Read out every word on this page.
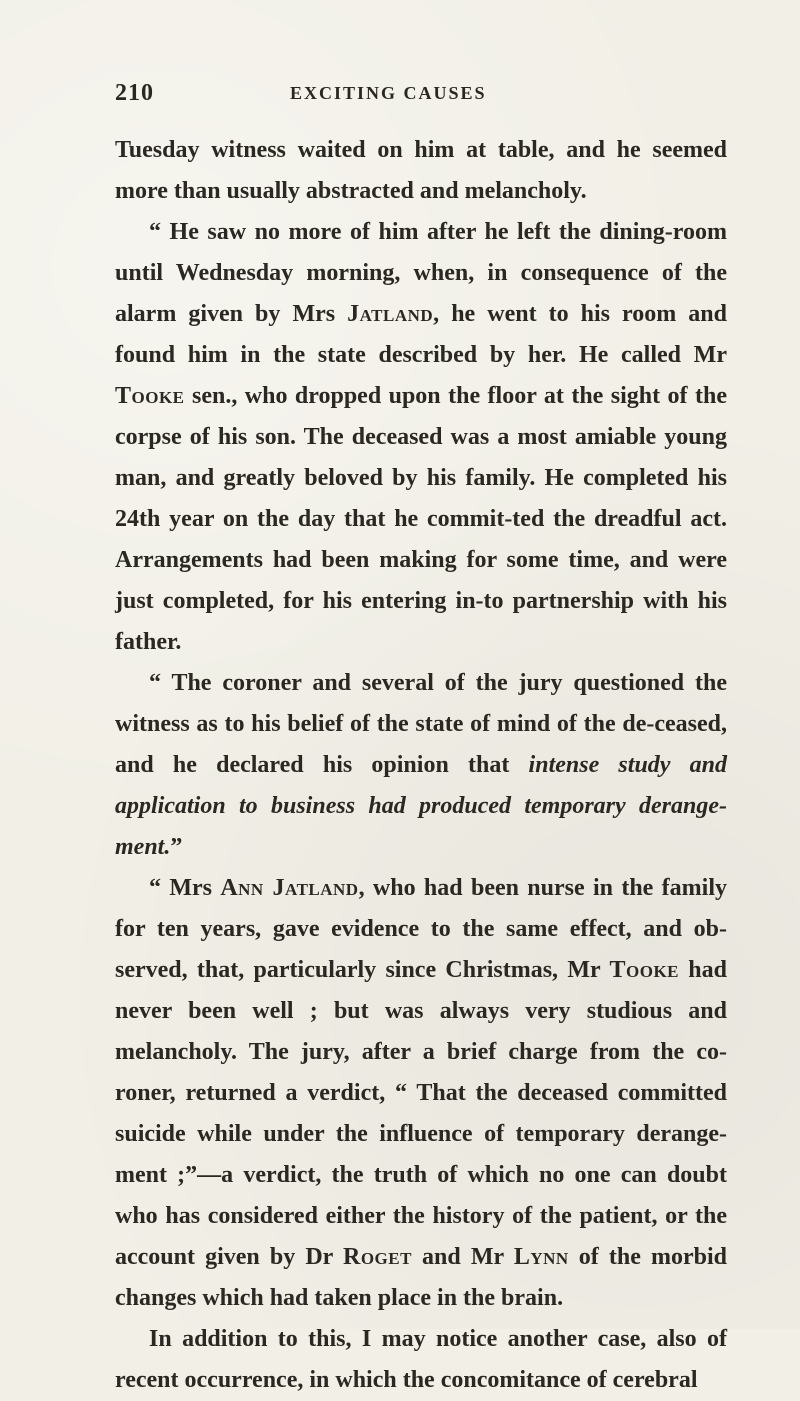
210	EXCITING CAUSES

Tuesday witness waited on him at table, and he seemed more than usually abstracted and melancholy.

“ He saw no more of him after he left the dining-room until Wednesday morning, when, in consequence of the alarm given by Mrs Jatland, he went to his room and found him in the state described by her. He called Mr Tooke sen., who dropped upon the floor at the sight of the corpse of his son. The deceased was a most amiable young man, and greatly beloved by his family. He completed his 24th year on the day that he commit-ted the dreadful act. Arrangements had been making for some time, and were just completed, for his entering in-to partnership with his father.

“ The coroner and several of the jury questioned the witness as to his belief of the state of mind of the de-ceased, and he declared his opinion that intense study and application to business had produced temporary derange-ment.”

“ Mrs Ann Jatland, who had been nurse in the family for ten years, gave evidence to the same effect, and ob-served, that, particularly since Christmas, Mr Tooke had never been well ; but was always very studious and melancholy. The jury, after a brief charge from the co-roner, returned a verdict, “ That the deceased committed suicide while under the influence of temporary derange-ment ;”—a verdict, the truth of which no one can doubt who has considered either the history of the patient, or the account given by Dr Roget and Mr Lynn of the morbid changes which had taken place in the brain.

In addition to this, I may notice another case, also of recent occurrence, in which the concomitance of cerebral
